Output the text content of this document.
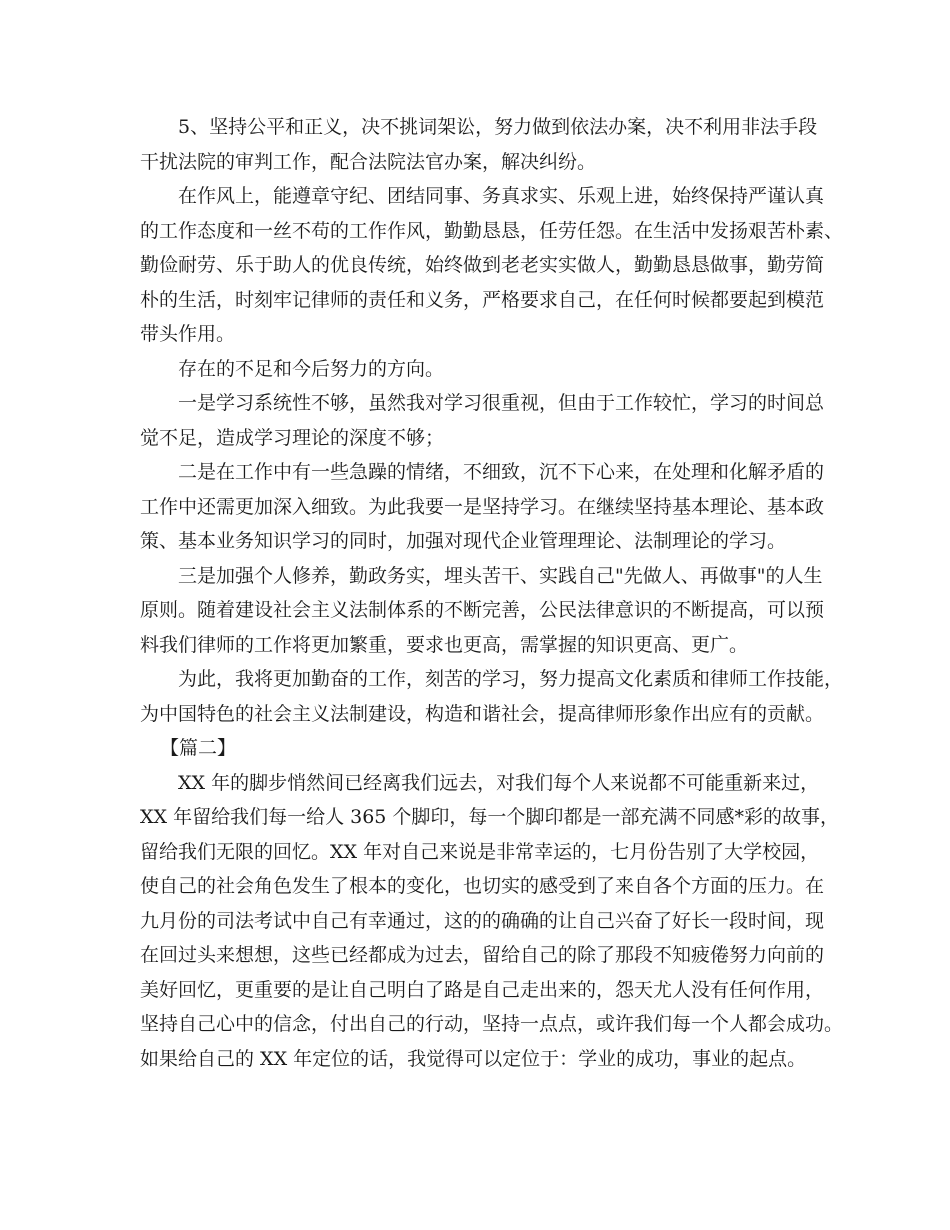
5、坚持公平和正义，决不挑词架讼，努力做到依法办案，决不利用非法手段
干扰法院的审判工作，配合法院法官办案，解决纠纷。
在作风上，能遵章守纪、团结同事、务真求实、乐观上进，始终保持严谨认真
的工作态度和一丝不苟的工作作风，勤勤恳恳，任劳任怨。在生活中发扬艰苦朴素、
勤俭耐劳、乐于助人的优良传统，始终做到老老实实做人，勤勤恳恳做事，勤劳简
朴的生活，时刻牢记律师的责任和义务，严格要求自己，在任何时候都要起到模范
带头作用。
存在的不足和今后努力的方向。
一是学习系统性不够，虽然我对学习很重视，但由于工作较忙，学习的时间总
觉不足，造成学习理论的深度不够；
二是在工作中有一些急躁的情绪，不细致，沉不下心来，在处理和化解矛盾的
工作中还需更加深入细致。为此我要一是坚持学习。在继续坚持基本理论、基本政
策、基本业务知识学习的同时，加强对现代企业管理理论、法制理论的学习。
三是加强个人修养，勤政务实，埋头苦干、实践自己"先做人、再做事"的人生
原则。随着建设社会主义法制体系的不断完善，公民法律意识的不断提高，可以预
料我们律师的工作将更加繁重，要求也更高，需掌握的知识更高、更广。
为此，我将更加勤奋的工作，刻苦的学习，努力提高文化素质和律师工作技能，
为中国特色的社会主义法制建设，构造和谐社会，提高律师形象作出应有的贡献。
【篇二】
XX 年的脚步悄然间已经离我们远去，对我们每个人来说都不可能重新来过，
XX 年留给我们每一给人 365 个脚印，每一个脚印都是一部充满不同感*彩的故事，
留给我们无限的回忆。XX 年对自己来说是非常幸运的，七月份告别了大学校园，
使自己的社会角色发生了根本的变化，也切实的感受到了来自各个方面的压力。在
九月份的司法考试中自己有幸通过，这的的确确的让自己兴奋了好长一段时间，现
在回过头来想想，这些已经都成为过去，留给自己的除了那段不知疲倦努力向前的
美好回忆，更重要的是让自己明白了路是自己走出来的，怨天尤人没有任何作用，
坚持自己心中的信念，付出自己的行动，坚持一点点，或许我们每一个人都会成功。
如果给自己的 XX 年定位的话，我觉得可以定位于：学业的成功，事业的起点。
